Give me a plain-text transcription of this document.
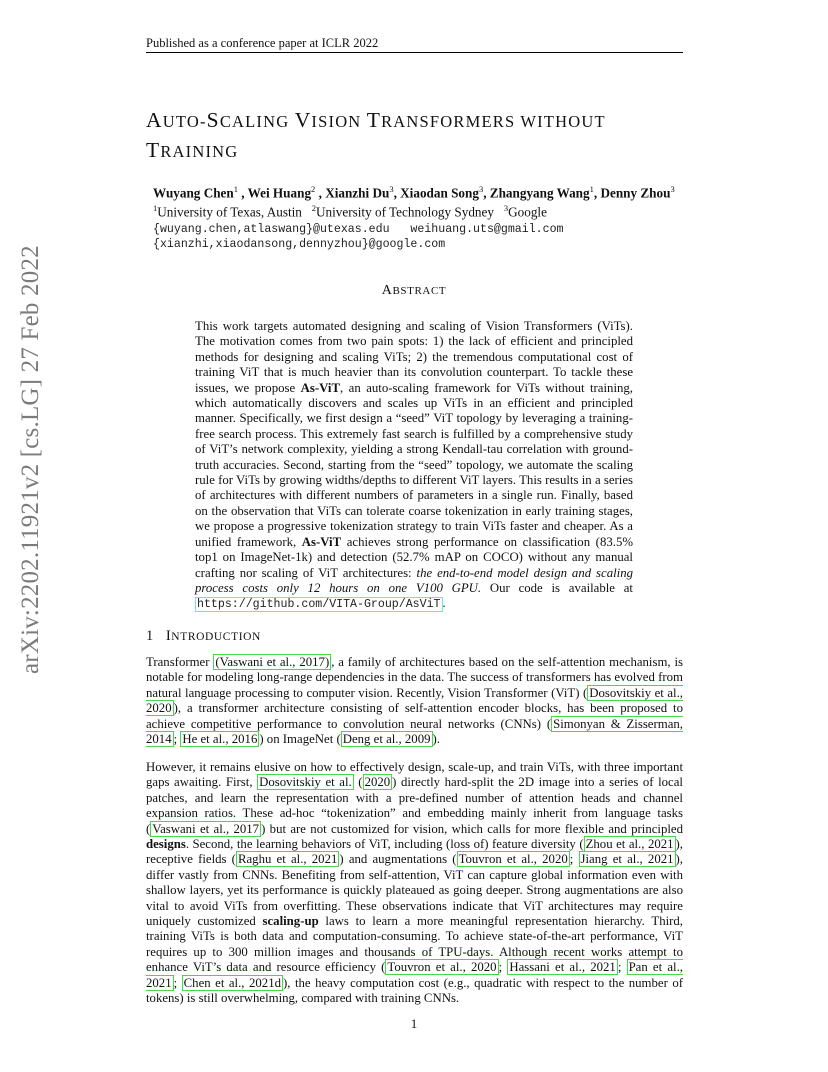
Published as a conference paper at ICLR 2022
arXiv:2202.11921v2 [cs.LG] 27 Feb 2022
AUTO-SCALING VISION TRANSFORMERS WITHOUT
TRAINING
Wuyang Chen$^1$ , Wei Huang$^2$ , Xianzhi Du$^3$, Xiaodan Song$^3$, Zhangyang Wang$^1$, Denny Zhou$^3$
$^1$University of Texas, Austin $^2$University of Technology Sydney $^3$Google
{wuyang.chen,atlaswang}@utexas.edu   weihuang.uts@gmail.com
{xianzhi,xiaodansong,dennyzhou}@google.com
ABSTRACT
This work targets automated designing and scaling of Vision Transformers (ViTs). The motivation comes from two pain spots: 1) the lack of efficient and principled methods for designing and scaling ViTs; 2) the tremendous computational cost of training ViT that is much heavier than its convolution counterpart. To tackle these issues, we propose As-ViT, an auto-scaling framework for ViTs without training, which automatically discovers and scales up ViTs in an efficient and principled manner. Specifically, we first design a “seed” ViT topology by leveraging a training-free search process. This extremely fast search is fulfilled by a comprehensive study of ViT’s network complexity, yielding a strong Kendall-tau correlation with ground-truth accuracies. Second, starting from the “seed” topology, we automate the scaling rule for ViTs by growing widths/depths to different ViT layers. This results in a series of architectures with different numbers of parameters in a single run. Finally, based on the observation that ViTs can tolerate coarse tokenization in early training stages, we propose a progressive tokenization strategy to train ViTs faster and cheaper. As a unified framework, As-ViT achieves strong performance on classification (83.5% top1 on ImageNet-1k) and detection (52.7% mAP on COCO) without any manual crafting nor scaling of ViT architectures: the end-to-end model design and scaling process costs only 12 hours on one V100 GPU. Our code is available at https://github.com/VITA-Group/AsViT .
1 INTRODUCTION
Transformer (Vaswani et al., 2017) , a family of architectures based on the self-attention mechanism, is notable for modeling long-range dependencies in the data. The success of transformers has evolved from natural language processing to computer vision. Recently, Vision Transformer (ViT) ( Dosovitskiy et al., 2020 ), a transformer architecture consisting of self-attention encoder blocks, has been proposed to achieve competitive performance to convolution neural networks (CNNs) ( Simonyan & Zisserman, 2014 ; He et al., 2016 ) on ImageNet ( Deng et al., 2009 ).
However, it remains elusive on how to effectively design, scale-up, and train ViTs, with three important gaps awaiting. First, Dosovitskiy et al. ( 2020 ) directly hard-split the 2D image into a series of local patches, and learn the representation with a pre-defined number of attention heads and channel expansion ratios. These ad-hoc “tokenization” and embedding mainly inherit from language tasks ( Vaswani et al., 2017 ) but are not customized for vision, which calls for more flexible and principled designs. Second, the learning behaviors of ViT, including (loss of) feature diversity ( Zhou et al., 2021 ), receptive fields ( Raghu et al., 2021 ) and augmentations ( Touvron et al., 2020 ; Jiang et al., 2021 ), differ vastly from CNNs. Benefiting from self-attention, ViT can capture global information even with shallow layers, yet its performance is quickly plateaued as going deeper. Strong augmentations are also vital to avoid ViTs from overfitting. These observations indicate that ViT architectures may require uniquely customized scaling-up laws to learn a more meaningful representation hierarchy. Third, training ViTs is both data and computation-consuming. To achieve state-of-the-art performance, ViT requires up to 300 million images and thousands of TPU-days. Although recent works attempt to enhance ViT’s data and resource efficiency ( Touvron et al., 2020 ; Hassani et al., 2021 ; Pan et al., 2021 ; Chen et al., 2021d ), the heavy computation cost (e.g., quadratic with respect to the number of tokens) is still overwhelming, compared with training CNNs.
1
